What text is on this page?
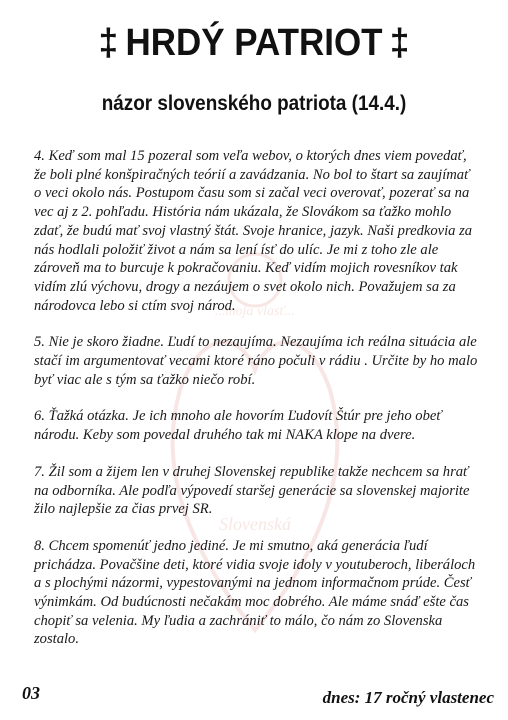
‡ HRDÝ PATRIOT ‡
názor slovenského patriota (14.4.)
...moja vlasť...
Slovenská

4. Keď som mal 15 pozeral som veľa webov, o ktorých dnes viem povedať, že boli plné konšpiračných teórií a zavádzania. No bol to štart sa zaujímať o veci okolo nás. Postupom času som si začal veci overovať, pozerať sa na vec aj z 2. pohľadu. História nám ukázala, že Slovákom sa ťažko mohlo zdať, že budú mať svoj vlastný štát. Svoje hranice, jazyk. Naši predkovia za nás hodlali položiť život a nám sa lení ísť do ulíc. Je mi z toho zle ale zároveň ma to burcuje k pokračovaniu. Keď vidím mojich rovesníkov tak vidím zlú výchovu, drogy a nezáujem o svet okolo nich. Považujem sa za národovca lebo si ctím svoj národ.

5. Nie je skoro žiadne. Ľudí to nezaujíma. Nezaujíma ich reálna situácia ale stačí im argumentovať vecami ktoré ráno počuli v rádiu . Určite by ho malo byť viac ale s tým sa ťažko niečo robí.

6. Ťažká otázka. Je ich mnoho ale hovorím Ľudovít Štúr pre jeho obeť národu. Keby som povedal druhého tak mi NAKA klope na dvere.

7. Žil som a žijem len v druhej Slovenskej republike takže nechcem sa hrať na odborníka. Ale podľa výpovedí staršej generácie sa slovenskej majorite žilo najlepšie za čias prvej SR.

8. Chcem spomenúť jedno jediné. Je mi smutno, aká generácia ľudí prichádza. Povačšine deti, ktoré vidia svoje idoly v youtuberoch, liberáloch a s plochými názormi, vypestovanými na jednom informačnom prúde. Česť výnimkám. Od budúcnosti nečakám moc dobrého. Ale máme snáď ešte čas chopiť sa velenia. My ľudia a zachrániť to málo, čo nám zo Slovenska zostalo.

03	dnes: 17 ročný vlastenec
